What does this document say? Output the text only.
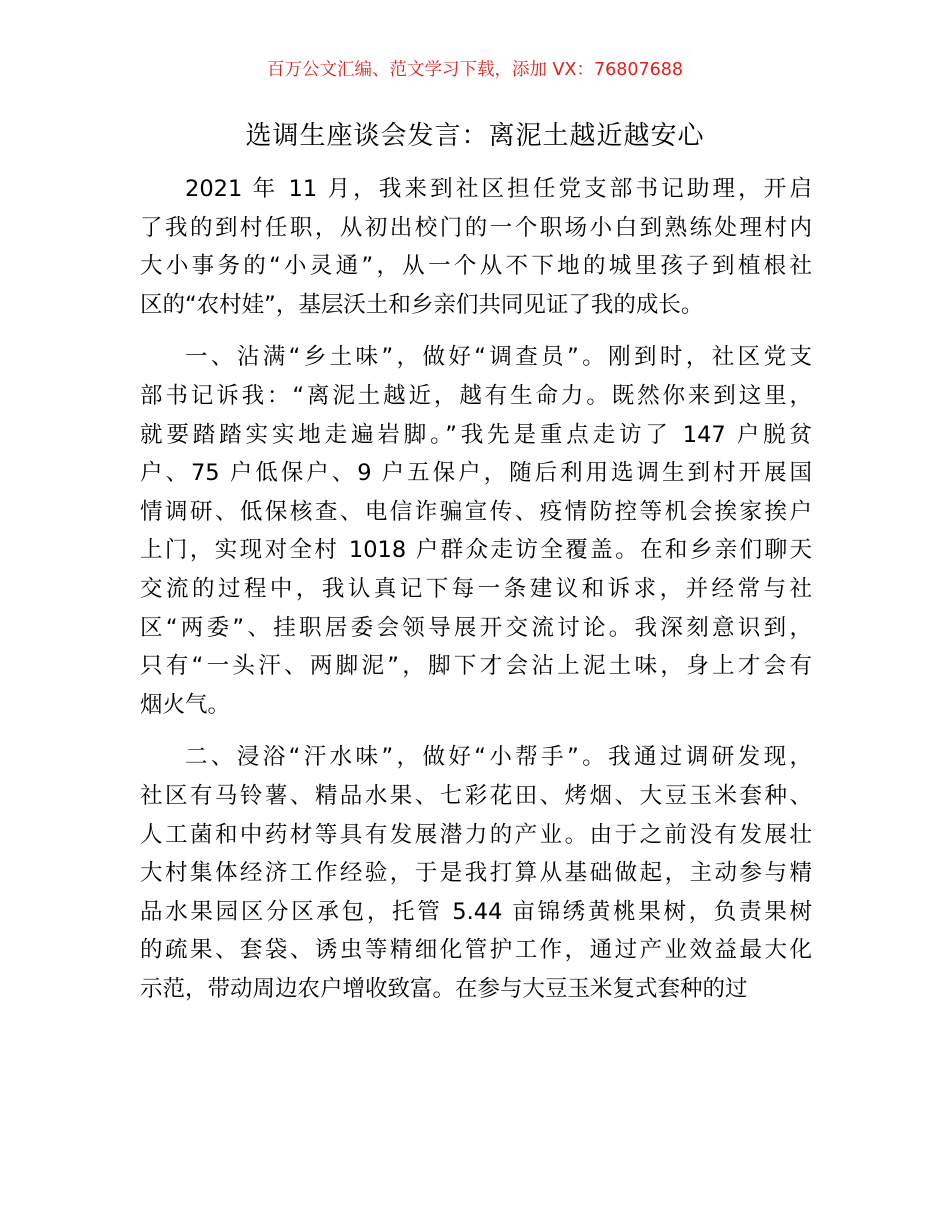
百万公文汇编、范文学习下载，添加 VX：76807688
选调生座谈会发言：离泥土越近越安心
2021 年 11 月，我来到社区担任党支部书记助理，开启
了我的到村任职，从初出校门的一个职场小白到熟练处理村内
大小事务的“小灵通”，从一个从不下地的城里孩子到植根社
区的“农村娃”，基层沃土和乡亲们共同见证了我的成长。
一、沾满“乡土味”，做好“调查员”。刚到时，社区党支
部书记诉我：“离泥土越近，越有生命力。既然你来到这里，
就要踏踏实实地走遍岩脚。”我先是重点走访了 147 户脱贫
户、75 户低保户、9 户五保户，随后利用选调生到村开展国
情调研、低保核查、电信诈骗宣传、疫情防控等机会挨家挨户
上门，实现对全村 1018 户群众走访全覆盖。在和乡亲们聊天
交流的过程中，我认真记下每一条建议和诉求，并经常与社
区“两委”、挂职居委会领导展开交流讨论。我深刻意识到，
只有“一头汗、两脚泥”，脚下才会沾上泥土味，身上才会有
烟火气。
二、浸浴“汗水味”，做好“小帮手”。我通过调研发现，
社区有马铃薯、精品水果、七彩花田、烤烟、大豆玉米套种、
人工菌和中药材等具有发展潜力的产业。由于之前没有发展壮
大村集体经济工作经验，于是我打算从基础做起，主动参与精
品水果园区分区承包，托管 5.44 亩锦绣黄桃果树，负责果树
的疏果、套袋、诱虫等精细化管护工作，通过产业效益最大化
示范，带动周边农户增收致富。在参与大豆玉米复式套种的过
